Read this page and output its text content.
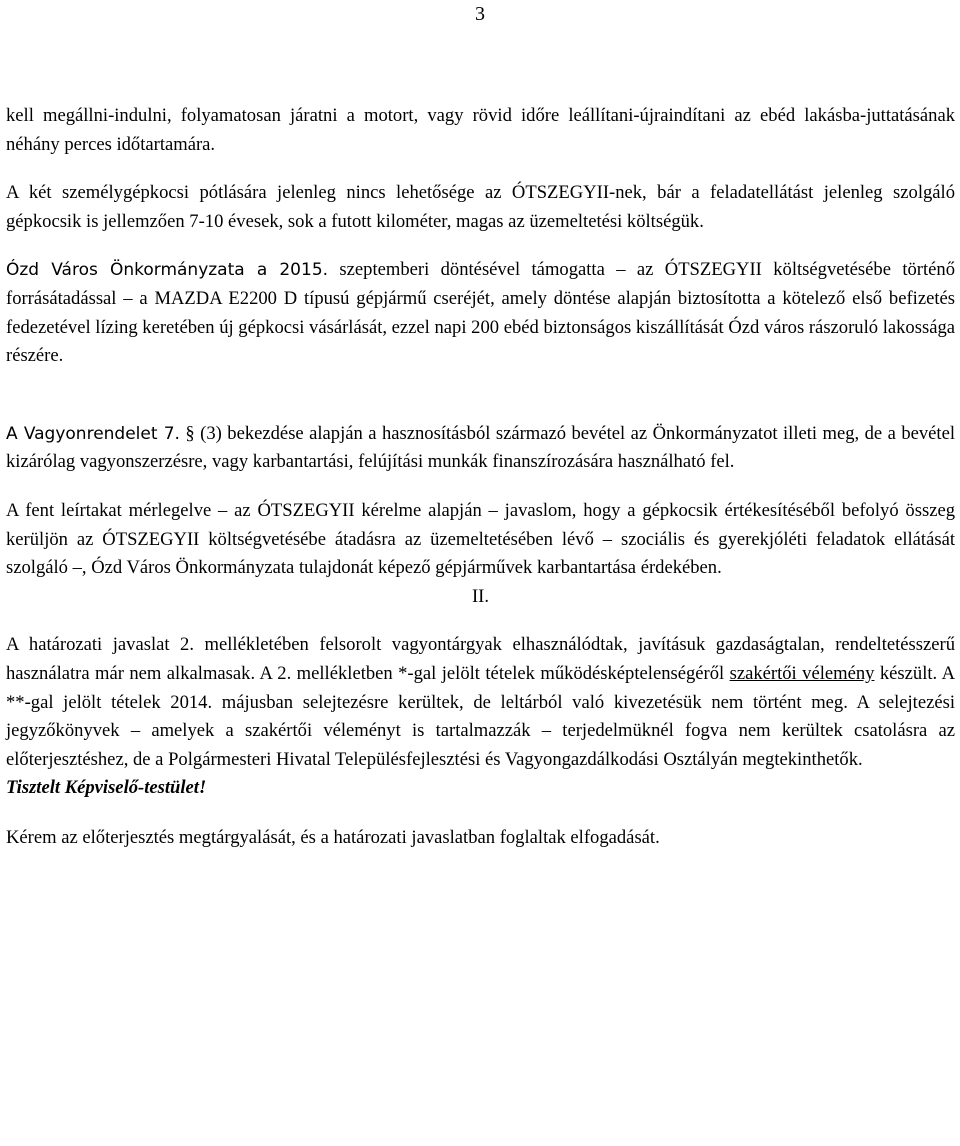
3

kell megállni-indulni, folyamatosan járatni a motort, vagy rövid időre leállítani-újraindítani az ebéd lakásba-juttatásának néhány perces időtartamára.

A két személygépkocsi pótlására jelenleg nincs lehetősége az ÓTSZEGYII-nek, bár a feladatellátást jelenleg szolgáló gépkocsik is jellemzően 7-10 évesek, sok a futott kilométer, magas az üzemeltetési költségük.

Ózd Város Önkormányzata a 2015. szeptemberi döntésével támogatta – az ÓTSZEGYII költségvetésébe történő forrásátadással – a MAZDA E2200 D típusú gépjármű cseréjét, amely döntése alapján biztosította a kötelező első befizetés fedezetével lízing keretében új gépkocsi vásárlását, ezzel napi 200 ebéd biztonságos kiszállítását Ózd város rászoruló lakossága részére.

A Vagyonrendelet 7. § (3) bekezdése alapján a hasznosításból származó bevétel az Önkormányzatot illeti meg, de a bevétel kizárólag vagyonszerzésre, vagy karbantartási, felújítási munkák finanszírozására használható fel.

A fent leírtakat mérlegelve – az ÓTSZEGYII kérelme alapján – javaslom, hogy a gépkocsik értékesítéséből befolyó összeg kerüljön az ÓTSZEGYII költségvetésébe átadásra az üzemeltetésében lévő – szociális és gyerekjóléti feladatok ellátását szolgáló –, Ózd Város Önkormányzata tulajdonát képező gépjárművek karbantartása érdekében.

II.

A határozati javaslat 2. mellékletében felsorolt vagyontárgyak elhasználódtak, javításuk gazdaságtalan, rendeltetésszerű használatra már nem alkalmasak. A 2. mellékletben *-gal jelölt tételek működésképtelenségéről szakértői vélemény készült. A **-gal jelölt tételek 2014. májusban selejtezésre kerültek, de leltárból való kivezetésük nem történt meg. A selejtezési jegyzőkönyvek – amelyek a szakértői véleményt is tartalmazzák – terjedelmüknél fogva nem kerültek csatolásra az előterjesztéshez, de a Polgármesteri Hivatal Településfejlesztési és Vagyongazdálkodási Osztályán megtekinthetők.

Tisztelt Képviselő-testület!

Kérem az előterjesztés megtárgyalását, és a határozati javaslatban foglaltak elfogadását.
